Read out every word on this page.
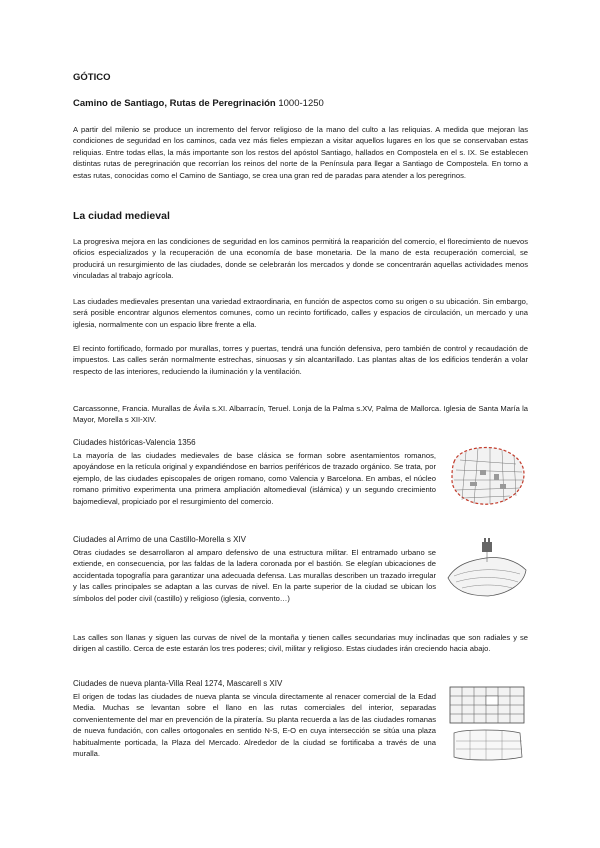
GÓTICO
Camino de Santiago, Rutas de Peregrinación 1000-1250

A partir del milenio se produce un incremento del fervor religioso de la mano del culto a las reliquias. A medida que mejoran las condiciones de seguridad en los caminos, cada vez más fieles empiezan a visitar aquellos lugares en los que se conservaban estas reliquias. Entre todas ellas, la más importante son los restos del apóstol Santiago, hallados en Compostela en el s. IX. Se establecen distintas rutas de peregrinación que recorrían los reinos del norte de la Península para llegar a Santiago de Compostela. En torno a estas rutas, conocidas como el Camino de Santiago, se crea una gran red de paradas para atender a los peregrinos.

La ciudad medieval

La progresiva mejora en las condiciones de seguridad en los caminos permitirá la reaparición del comercio, el florecimiento de nuevos oficios especializados y la recuperación de una economía de base monetaria. De la mano de esta recuperación comercial, se producirá un resurgimiento de las ciudades, donde se celebrarán los mercados y donde se concentrarán aquellas actividades menos vinculadas al trabajo agrícola.

Las ciudades medievales presentan una variedad extraordinaria, en función de aspectos como su origen o su ubicación. Sin embargo, será posible encontrar algunos elementos comunes, como un recinto fortificado, calles y espacios de circulación, un mercado y una iglesia, normalmente con un espacio libre frente a ella.

El recinto fortificado, formado por murallas, torres y puertas, tendrá una función defensiva, pero también de control y recaudación de impuestos. Las calles serán normalmente estrechas, sinuosas y sin alcantarillado. Las plantas altas de los edificios tenderán a volar respecto de las interiores, reduciendo la iluminación y la ventilación.

Carcassonne, Francia. Murallas de Ávila s.XI. Albarracín, Teruel. Lonja de la Palma s.XV, Palma de Mallorca. Iglesia de Santa María la Mayor, Morella s XII-XIV.

Ciudades históricas-Valencia 1356

La mayoría de las ciudades medievales de base clásica se forman sobre asentamientos romanos, apoyándose en la retícula original y expandiéndose en barrios periféricos de trazado orgánico. Se trata, por ejemplo, de las ciudades episcopales de origen romano, como Valencia y Barcelona. En ambas, el núcleo romano primitivo experimenta una primera ampliación altomedieval (islámica) y un segundo crecimiento bajomedieval, propiciado por el resurgimiento del comercio.

Ciudades al Arrimo de una Castillo-Morella s XIV

Otras ciudades se desarrollaron al amparo defensivo de una estructura militar. El entramado urbano se extiende, en consecuencia, por las faldas de la ladera coronada por el bastión. Se elegían ubicaciones de accidentada topografía para garantizar una adecuada defensa. Las murallas describen un trazado irregular y las calles principales se adaptan a las curvas de nivel. En la parte superior de la ciudad se ubican los símbolos del poder civil (castillo) y religioso (iglesia, convento…)

Las calles son llanas y siguen las curvas de nivel de la montaña y tienen calles secundarias muy inclinadas que son radiales y se dirigen al castillo. Cerca de este estarán los tres poderes; civil, militar y religioso. Estas ciudades irán creciendo hacia abajo.

Ciudades de nueva planta-Villa Real 1274, Mascarell s XIV

El origen de todas las ciudades de nueva planta se vincula directamente al renacer comercial de la Edad Media. Muchas se levantan sobre el llano en las rutas comerciales del interior, separadas convenientemente del mar en prevención de la piratería. Su planta recuerda a las de las ciudades romanas de nueva fundación, con calles ortogonales en sentido N-S, E-O en cuya intersección se sitúa una plaza habitualmente porticada, la Plaza del Mercado. Alrededor de la ciudad se fortificaba a través de una muralla.
